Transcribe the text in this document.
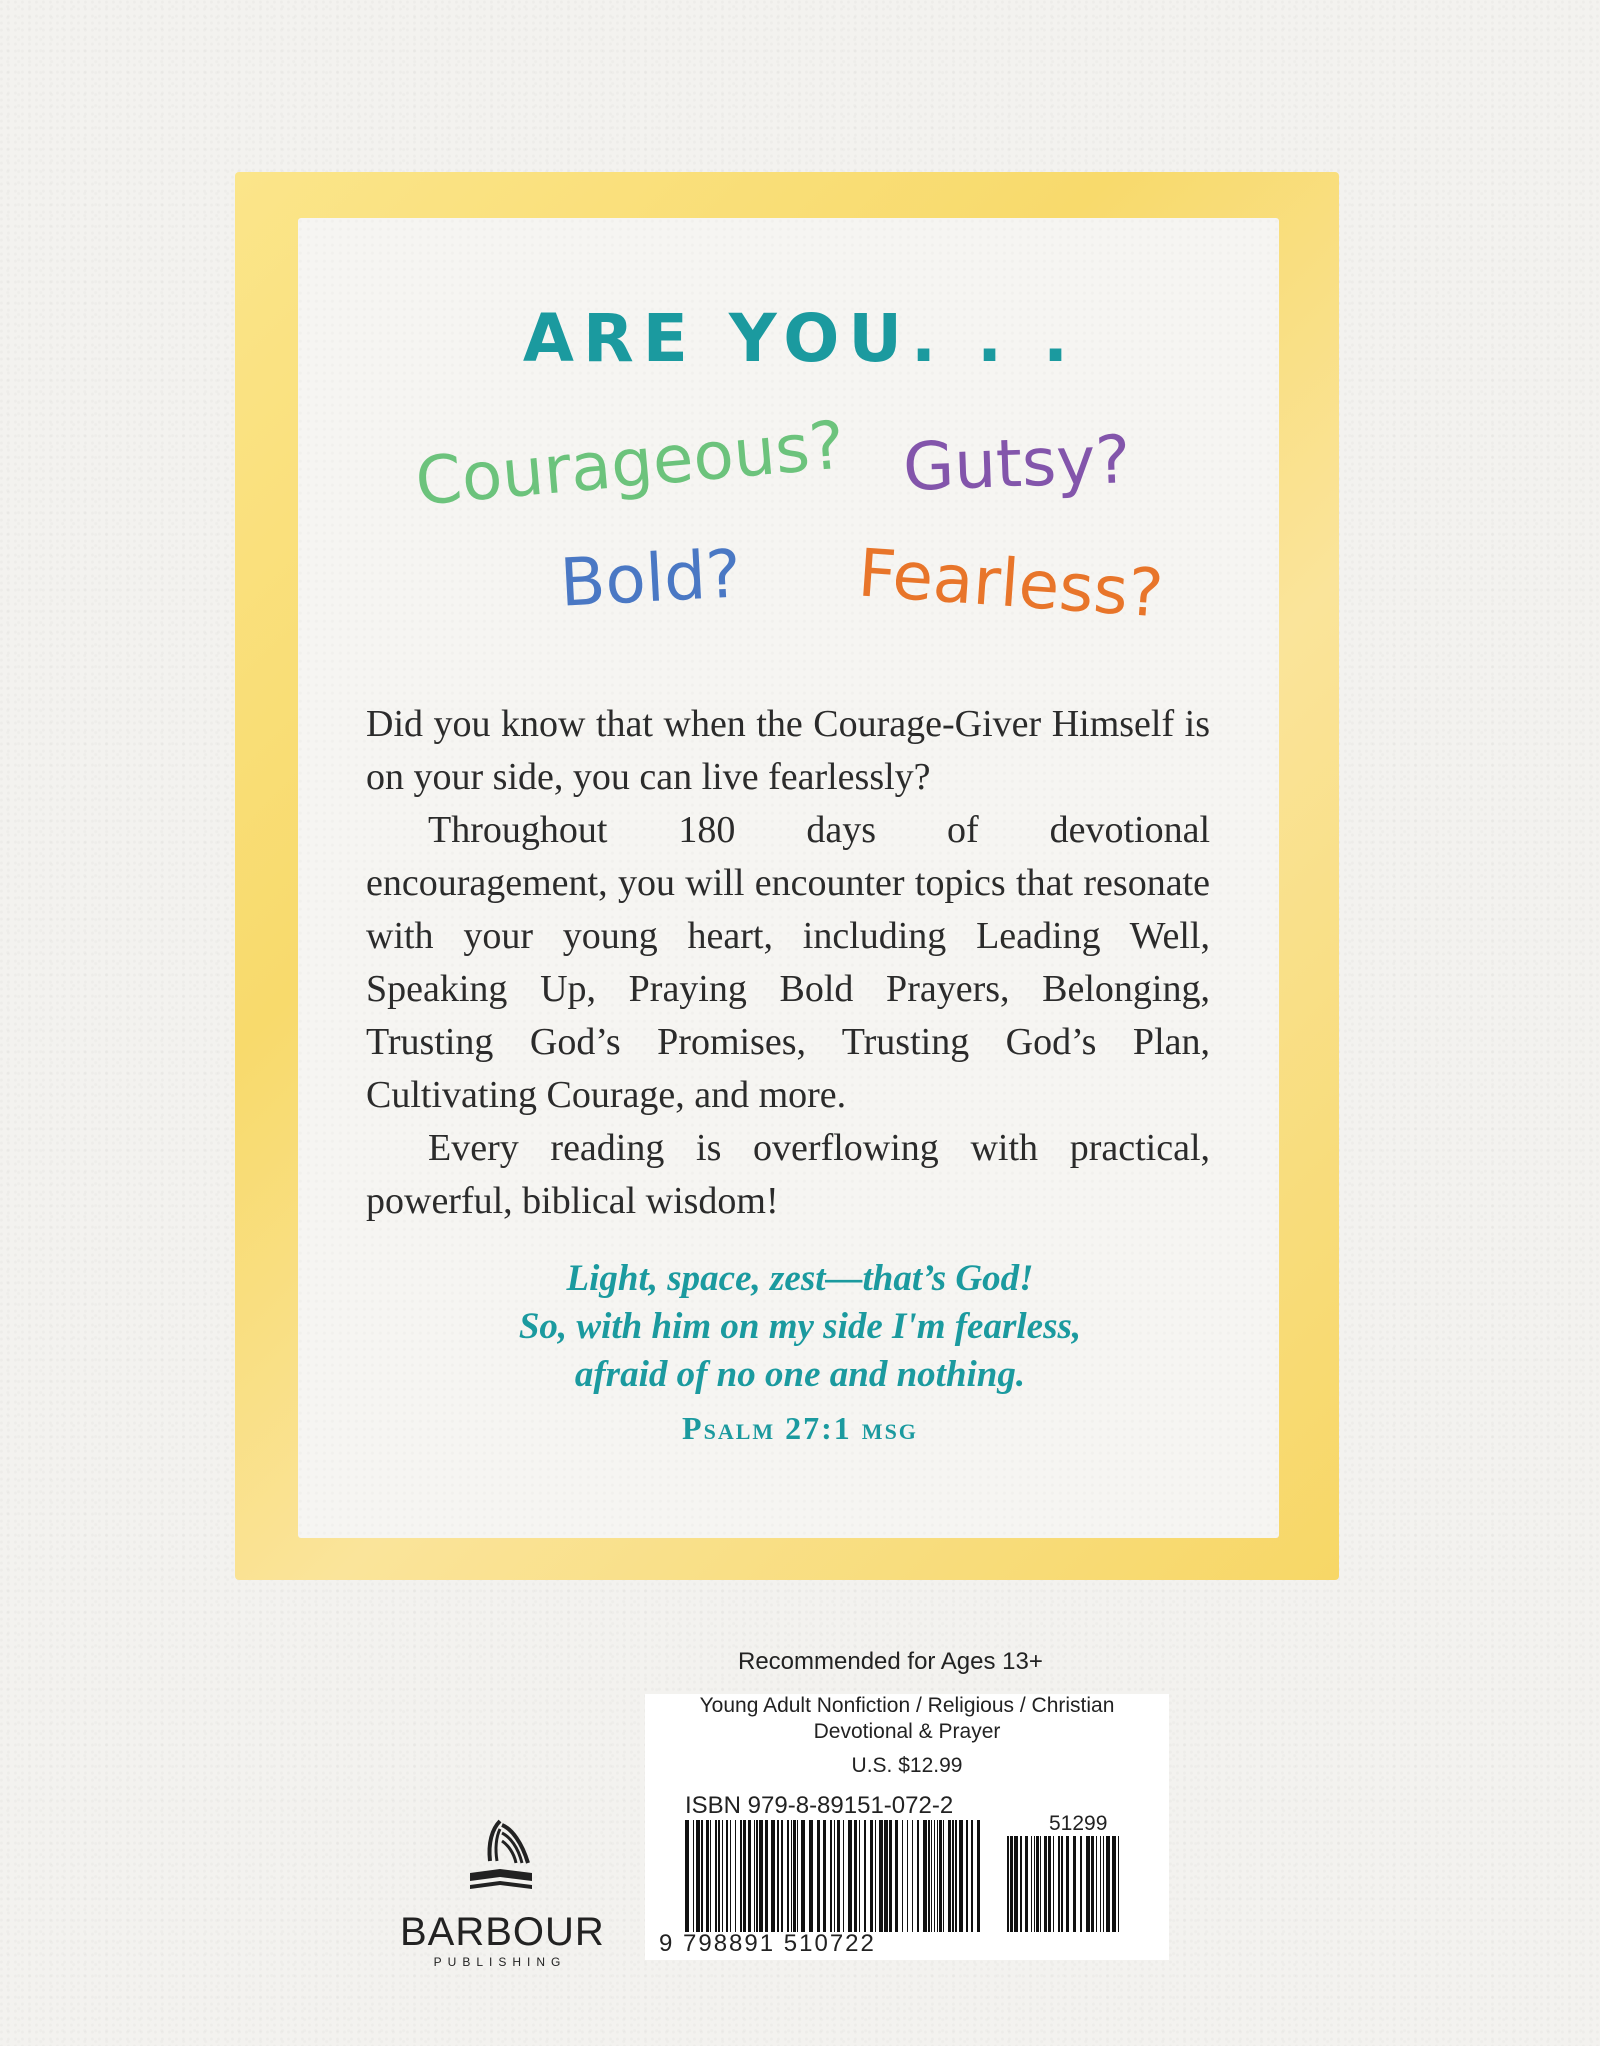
ARE YOU. . .
Courageous? Gutsy?
Bold? Fearless?

Did you know that when the Courage-Giver Himself is on your side, you can live fearlessly?

Throughout 180 days of devotional encouragement, you will encounter topics that resonate with your young heart, including Leading Well, Speaking Up, Praying Bold Prayers, Belonging, Trusting God’s Promises, Trusting God’s Plan, Cultivating Courage, and more.

Every reading is overflowing with practical, powerful, biblical wisdom!

Light, space, zest—that’s God!
So, with him on my side I'm fearless,
afraid of no one and nothing.
Psalm 27:1 msg
Recommended for Ages 13+
Young Adult Nonfiction / Religious / Christian
Devotional & Prayer
U.S. $12.99
ISBN 979-8-89151-072-2
51299
9 798891 510722
BARBOUR
PUBLISHING
